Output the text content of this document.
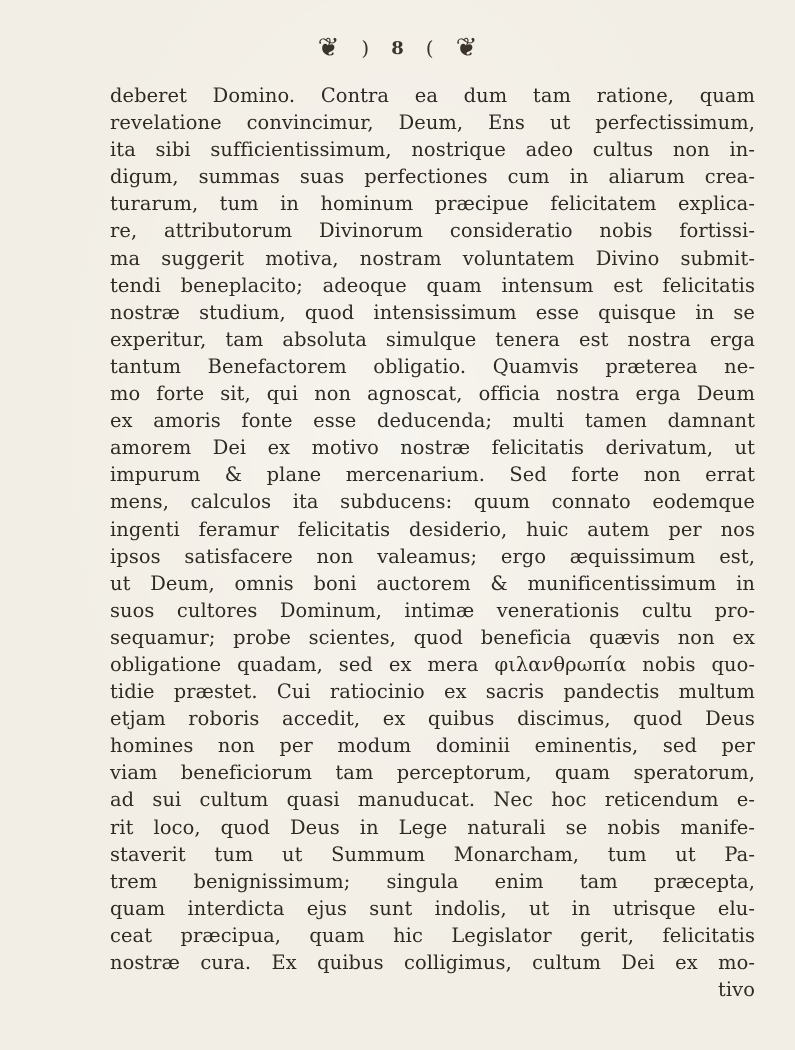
❦ ) 8 ( ❦
deberet Domino. Contra ea dum tam ratione, quam
revelatione convincimur, Deum, Ens ut perfectissimum,
ita sibi sufficientissimum, nostrique adeo cultus non in-
digum, summas suas perfectiones cum in aliarum crea-
turarum, tum in hominum præcipue felicitatem explica-
re, attributorum Divinorum consideratio nobis fortissi-
ma suggerit motiva, nostram voluntatem Divino submit-
tendi beneplacito; adeoque quam intensum est felicitatis
nostræ studium, quod intensissimum esse quisque in se
experitur, tam absoluta simulque tenera est nostra erga
tantum Benefactorem obligatio. Quamvis præterea ne-
mo forte sit, qui non agnoscat, officia nostra erga Deum
ex amoris fonte esse deducenda; multi tamen damnant
amorem Dei ex motivo nostræ felicitatis derivatum, ut
impurum & plane mercenarium. Sed forte non errat
mens, calculos ita subducens: quum connato eodemque
ingenti feramur felicitatis desiderio, huic autem per nos
ipsos satisfacere non valeamus; ergo æquissimum est,
ut Deum, omnis boni auctorem & munificentissimum in
suos cultores Dominum, intimæ venerationis cultu pro-
sequamur; probe scientes, quod beneficia quævis non ex
obligatione quadam, sed ex mera φιλανθρωπία nobis quo-
tidie præstet. Cui ratiocinio ex sacris pandectis multum
etjam roboris accedit, ex quibus discimus, quod Deus
homines non per modum dominii eminentis, sed per
viam beneficiorum tam perceptorum, quam speratorum,
ad sui cultum quasi manuducat. Nec hoc reticendum e-
rit loco, quod Deus in Lege naturali se nobis manife-
staverit tum ut Summum Monarcham, tum ut Pa-
trem benignissimum; singula enim tam præcepta,
quam interdicta ejus sunt indolis, ut in utrisque elu-
ceat præcipua, quam hic Legislator gerit, felicitatis
nostræ cura. Ex quibus colligimus, cultum Dei ex mo-
tivo
